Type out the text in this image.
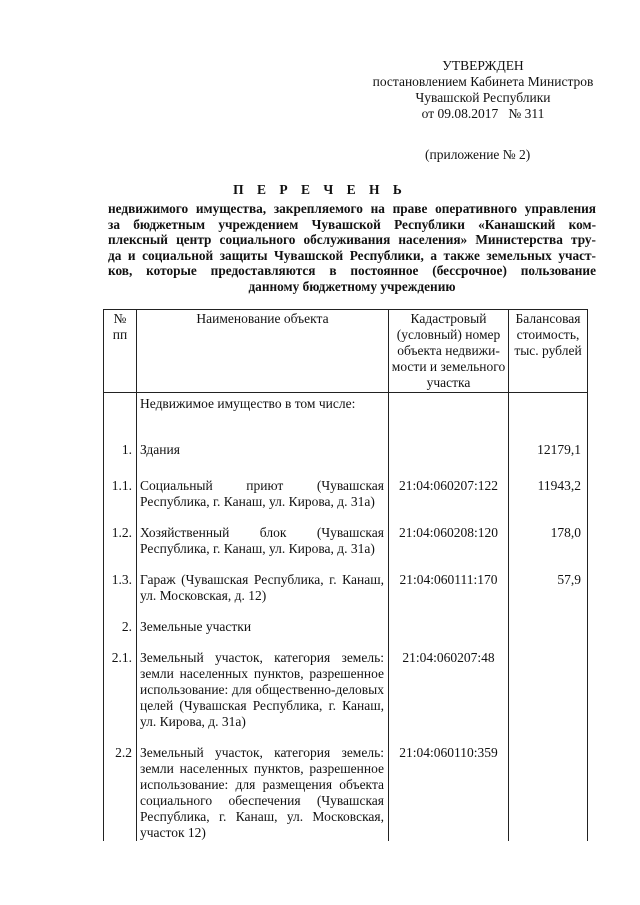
УТВЕРЖДЕН
постановлением Кабинета Министров
Чувашской Республики
от 09.08.2017   № 311
(приложение № 2)
П Е Р Е Ч Е Н Ь
недвижимого имущества, закрепляемого на праве оперативного управления
за бюджетным учреждением Чувашской Республики «Канашский ком-
плексный центр социального обслуживания населения» Министерства тру-
да и социальной защиты Чувашской Республики, а также земельных участ-
ков, которые предоставляются в постоянное (бессрочное) пользование
данному бюджетному учреждению
№ пп	Наименование объекта	Кадастровый (условный) номер объекта недвижи-мости и земельного участка	Балансовая стоимость, тыс. рублей
	Недвижимое имущество в том числе:		
1.	Здания		12179,1
1.1.	Социальный приют (Чувашская Республика, г. Канаш, ул. Кирова, д. 31а)	21:04:060207:122	11943,2
1.2.	Хозяйственный блок (Чувашская Республика, г. Канаш, ул. Кирова, д. 31а)	21:04:060208:120	178,0
1.3.	Гараж (Чувашская Республика, г. Канаш, ул. Московская, д. 12)	21:04:060111:170	57,9
2.	Земельные участки		
2.1.	Земельный участок, категория земель: земли населенных пунктов, разрешенное использование: для общественно-деловых целей (Чувашская Республика, г. Канаш, ул. Кирова, д. 31а)	21:04:060207:48	
2.2	Земельный участок, категория земель: земли населенных пунктов, разрешенное использование: для размещения объекта социального обеспечения (Чувашская Республика, г. Канаш, ул. Московская, участок 12)	21:04:060110:359	
